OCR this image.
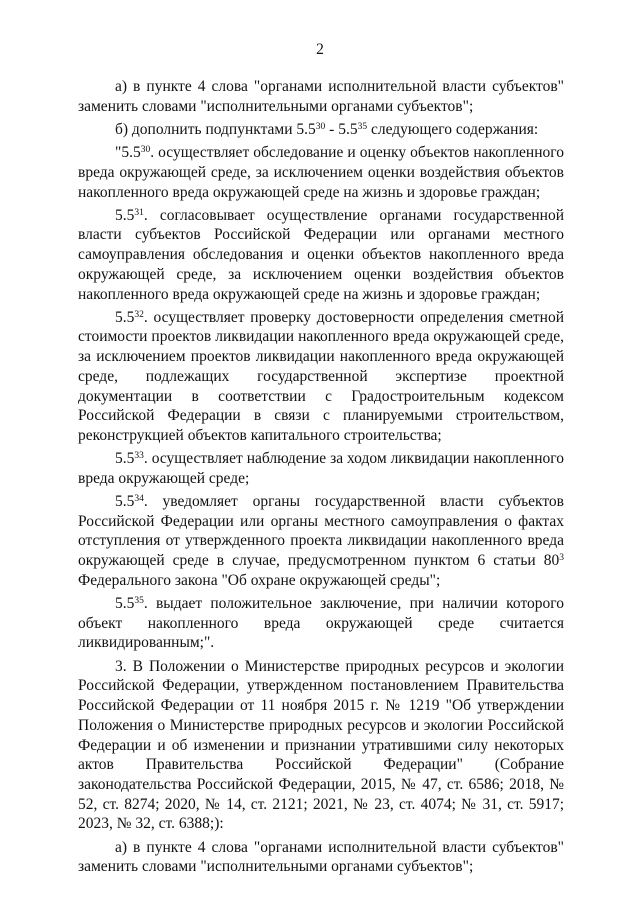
2

а) в пункте 4 слова "органами исполнительной власти субъектов" заменить словами "исполнительными органами субъектов";

б) дополнить подпунктами $5.5^{30} - 5.5^{35}$ следующего содержания:

"$5.5^{30}$. осуществляет обследование и оценку объектов накопленного вреда окружающей среде, за исключением оценки воздействия объектов накопленного вреда окружающей среде на жизнь и здоровье граждан;

$5.5^{31}$. согласовывает осуществление органами государственной власти субъектов Российской Федерации или органами местного самоуправления обследования и оценки объектов накопленного вреда окружающей среде, за исключением оценки воздействия объектов накопленного вреда окружающей среде на жизнь и здоровье граждан;

$5.5^{32}$. осуществляет проверку достоверности определения сметной стоимости проектов ликвидации накопленного вреда окружающей среде, за исключением проектов ликвидации накопленного вреда окружающей среде, подлежащих государственной экспертизе проектной документации в соответствии с Градостроительным кодексом Российской Федерации в связи с планируемыми строительством, реконструкцией объектов капитального строительства;

$5.5^{33}$. осуществляет наблюдение за ходом ликвидации накопленного вреда окружающей среде;

$5.5^{34}$. уведомляет органы государственной власти субъектов Российской Федерации или органы местного самоуправления о фактах отступления от утвержденного проекта ликвидации накопленного вреда окружающей среде в случае, предусмотренном пунктом 6 статьи $80^3$ Федерального закона "Об охране окружающей среды";

$5.5^{35}$. выдает положительное заключение, при наличии которого объект накопленного вреда окружающей среде считается ликвидированным;".

3. В Положении о Министерстве природных ресурсов и экологии Российской Федерации, утвержденном постановлением Правительства Российской Федерации от 11 ноября 2015 г. № 1219 "Об утверждении Положения о Министерстве природных ресурсов и экологии Российской Федерации и об изменении и признании утратившими силу некоторых актов Правительства Российской Федерации" (Собрание законодательства Российской Федерации, 2015, № 47, ст. 6586; 2018, № 52, ст. 8274; 2020, № 14, ст. 2121; 2021, № 23, ст. 4074; № 31, ст. 5917; 2023, № 32, ст. 6388;):

а) в пункте 4 слова "органами исполнительной власти субъектов" заменить словами "исполнительными органами субъектов";
